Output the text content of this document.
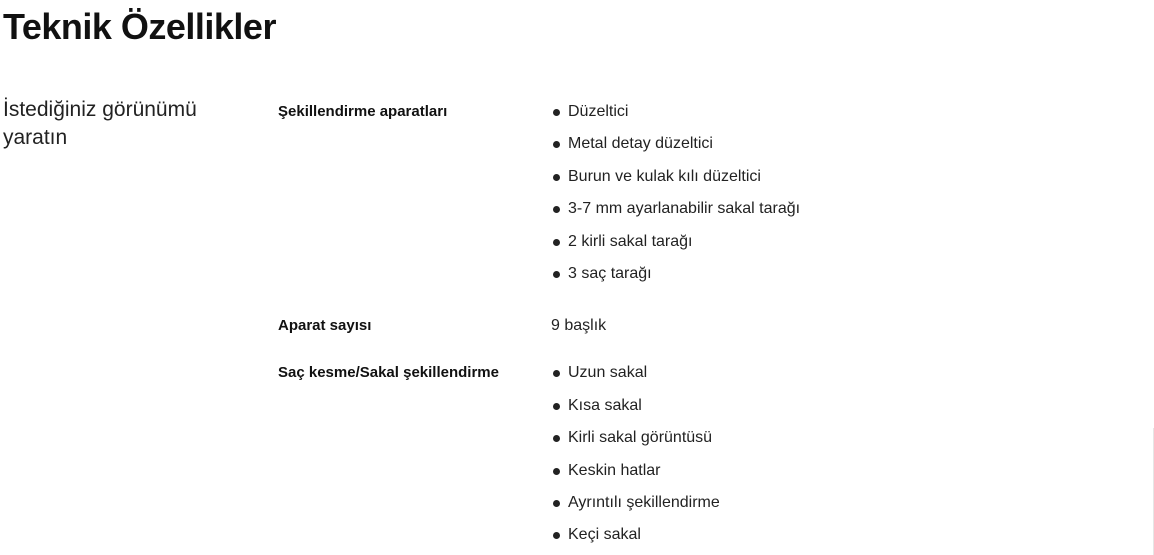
Teknik Özellikler
İstediğiniz görünümü yaratın
Şekillendirme aparatları	Düzeltici
Metal detay düzeltici
Burun ve kulak kılı düzeltici
3-7 mm ayarlanabilir sakal tarağı
2 kirli sakal tarağı
3 saç tarağı
Aparat sayısı	9 başlık
Saç kesme/Sakal şekillendirme	Uzun sakal
Kısa sakal
Kirli sakal görüntüsü
Keskin hatlar
Ayrıntılı şekillendirme
Keçi sakal
